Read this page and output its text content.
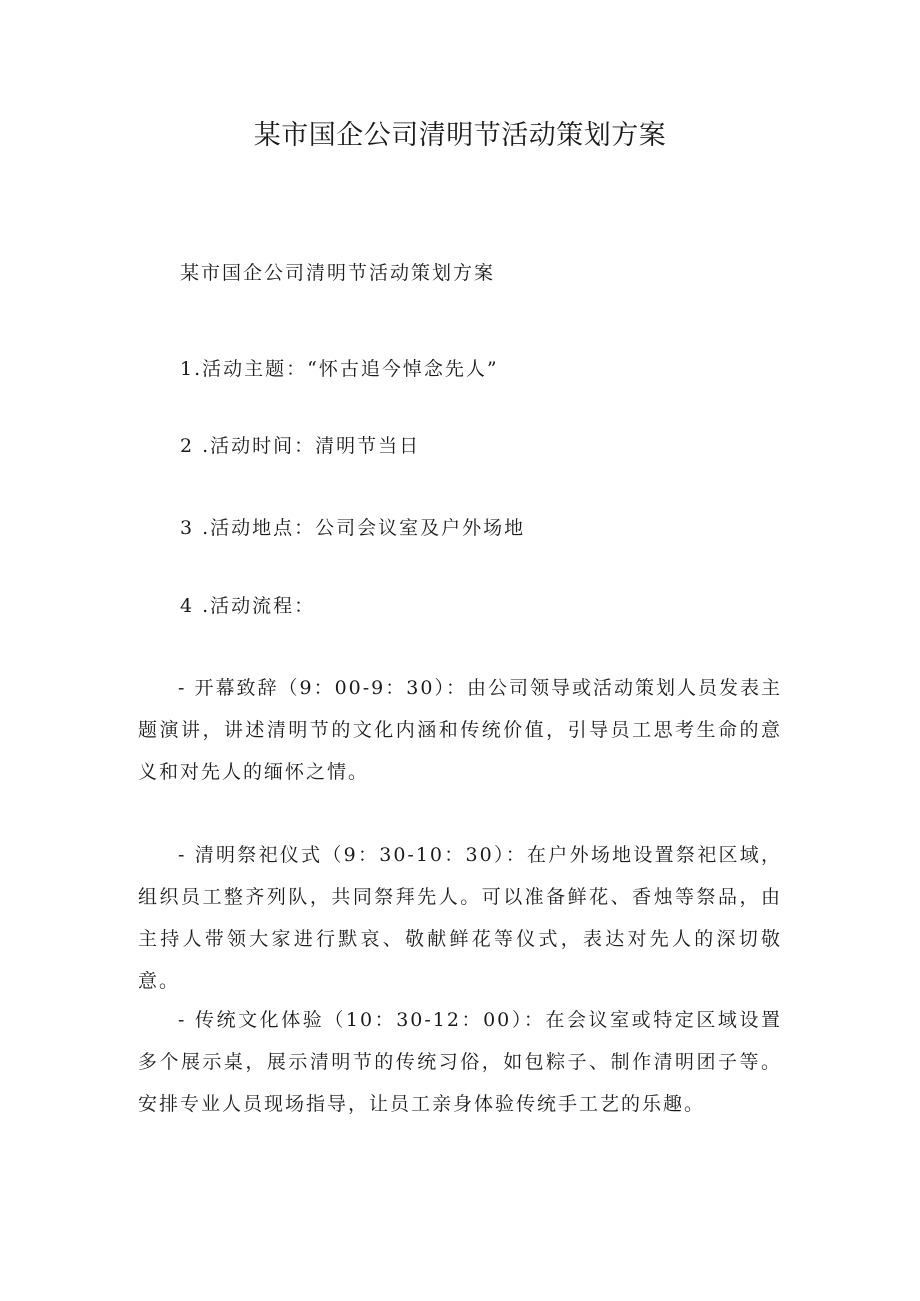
某市国企公司清明节活动策划方案

某市国企公司清明节活动策划方案

1.活动主题：“怀古追今悼念先人”

2 .活动时间：清明节当日

3 .活动地点：公司会议室及户外场地

4 .活动流程：

- 开幕致辞（9：00-9：30）：由公司领导或活动策划人员发表主题演讲，讲述清明节的文化内涵和传统价值，引导员工思考生命的意义和对先人的缅怀之情。

- 清明祭祀仪式（9：30-10：30）：在户外场地设置祭祀区域，组织员工整齐列队，共同祭拜先人。可以准备鲜花、香烛等祭品，由主持人带领大家进行默哀、敬献鲜花等仪式，表达对先人的深切敬意。

- 传统文化体验（10：30-12：00）：在会议室或特定区域设置多个展示桌，展示清明节的传统习俗，如包粽子、制作清明团子等。安排专业人员现场指导，让员工亲身体验传统手工艺的乐趣。
